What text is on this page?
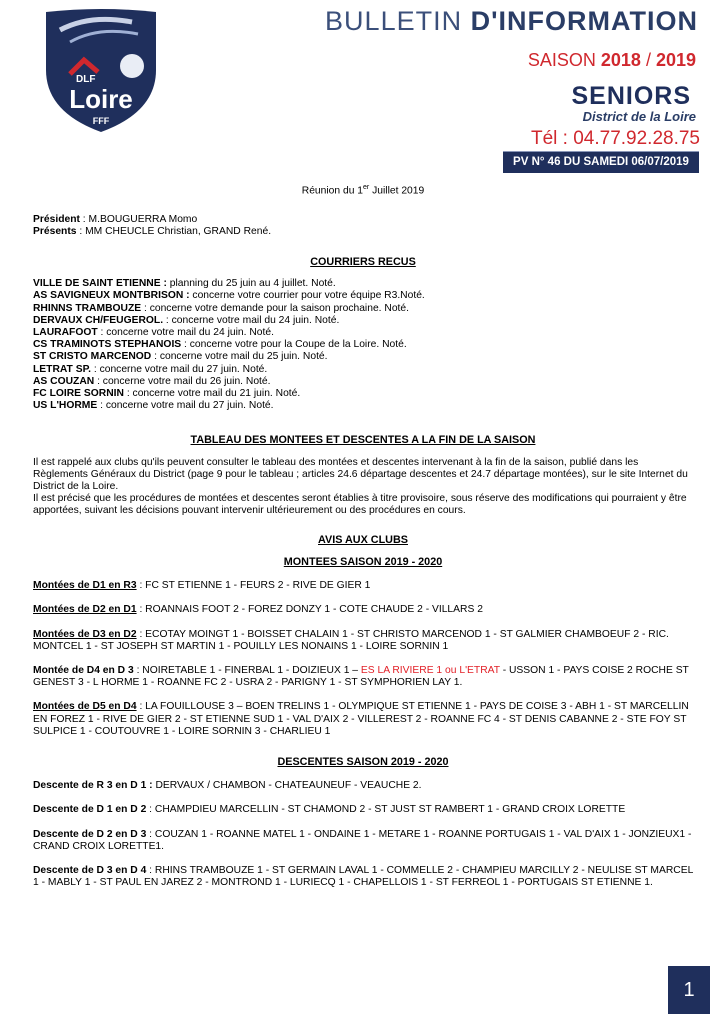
DLF
Loire
FFF
BULLETIN D'INFORMATION
SAISON 2018 / 2019
SENIORS
District de la Loire
Tél : 04.77.92.28.75
PV N° 46 DU SAMEDI 06/07/2019
Réunion du 1er Juillet 2019
Président : M.BOUGUERRA Momo
Présents : MM CHEUCLE Christian, GRAND René.
COURRIERS RECUS
VILLE DE SAINT ETIENNE : planning du 25 juin au 4 juillet. Noté.
AS SAVIGNEUX MONTBRISON : concerne votre courrier pour votre équipe R3.Noté.
RHINNS TRAMBOUZE : concerne votre demande pour la saison prochaine. Noté.
DERVAUX CH/FEUGEROL. : concerne votre mail du 24 juin. Noté.
LAURAFOOT : concerne votre mail du 24 juin. Noté.
CS TRAMINOTS STEPHANOIS : concerne votre pour la Coupe de la Loire. Noté.
ST CRISTO MARCENOD : concerne votre mail du 25 juin. Noté.
LETRAT SP. : concerne votre mail du 27 juin. Noté.
AS COUZAN : concerne votre mail du 26 juin. Noté.
FC LOIRE SORNIN : concerne votre mail du 21 juin. Noté.
US L'HORME : concerne votre mail du 27 juin. Noté.
TABLEAU DES MONTEES ET DESCENTES A LA FIN DE LA SAISON

Il est rappelé aux clubs qu'ils peuvent consulter le tableau des montées et descentes intervenant à la fin de la saison, publié dans les Règlements Généraux du District (page 9 pour le tableau ; articles 24.6 départage descentes et 24.7 départage montées), sur le site Internet du District de la Loire.

Il est précisé que les procédures de montées et descentes seront établies à titre provisoire, sous réserve des modifications qui pourraient y être apportées, suivant les décisions pouvant intervenir ultérieurement ou des procédures en cours.

AVIS AUX CLUBS
MONTEES SAISON 2019 - 2020

Montées de D1 en R3 : FC ST ETIENNE 1 - FEURS 2 - RIVE DE GIER 1

Montées de D2 en D1 : ROANNAIS FOOT 2 - FOREZ DONZY 1 - COTE CHAUDE 2 - VILLARS 2

Montées de D3 en D2 : ECOTAY MOINGT 1 - BOISSET CHALAIN 1 - ST CHRISTO MARCENOD 1 - ST GALMIER CHAMBOEUF 2 - RIC. MONTCEL 1 - ST JOSEPH ST MARTIN 1 - POUILLY LES NONAINS 1 - LOIRE SORNIN 1

Montée de D4 en D 3 : NOIRETABLE 1 - FINERBAL 1 - DOIZIEUX 1 – ES LA RIVIERE 1 ou L'ETRAT - USSON 1 - PAYS COISE 2 ROCHE ST GENEST 3 - L HORME 1 - ROANNE FC 2 - USRA 2 - PARIGNY 1 - ST SYMPHORIEN LAY 1.

Montées de D5 en D4 : LA FOUILLOUSE 3 – BOEN TRELINS 1 - OLYMPIQUE ST ETIENNE 1 - PAYS DE COISE 3 - ABH 1 - ST MARCELLIN EN FOREZ 1 - RIVE DE GIER 2 - ST ETIENNE SUD 1 - VAL D'AIX 2 - VILLEREST 2 - ROANNE FC 4 - ST DENIS CABANNE 2 - STE FOY ST SULPICE 1 - COUTOUVRE 1 - LOIRE SORNIN 3 - CHARLIEU 1

DESCENTES SAISON 2019 - 2020

Descente de R 3 en D 1 : DERVAUX / CHAMBON - CHATEAUNEUF - VEAUCHE 2.

Descente de D 1 en D 2 : CHAMPDIEU MARCELLIN - ST CHAMOND 2 - ST JUST ST RAMBERT 1 - GRAND CROIX LORETTE

Descente de D 2 en D 3 : COUZAN 1 - ROANNE MATEL 1 - ONDAINE 1 - METARE 1 - ROANNE PORTUGAIS 1 - VAL D'AIX 1 - JONZIEUX1 - CRAND CROIX LORETTE1.

Descente de D 3 en D 4 : RHINS TRAMBOUZE 1 - ST GERMAIN LAVAL 1 - COMMELLE 2 - CHAMPIEU MARCILLY 2 - NEULISE ST MARCEL 1 - MABLY 1 - ST PAUL EN JAREZ 2 - MONTROND 1 - LURIECQ 1 - CHAPELLOIS 1 - ST FERREOL 1 - PORTUGAIS ST ETIENNE 1.

1
